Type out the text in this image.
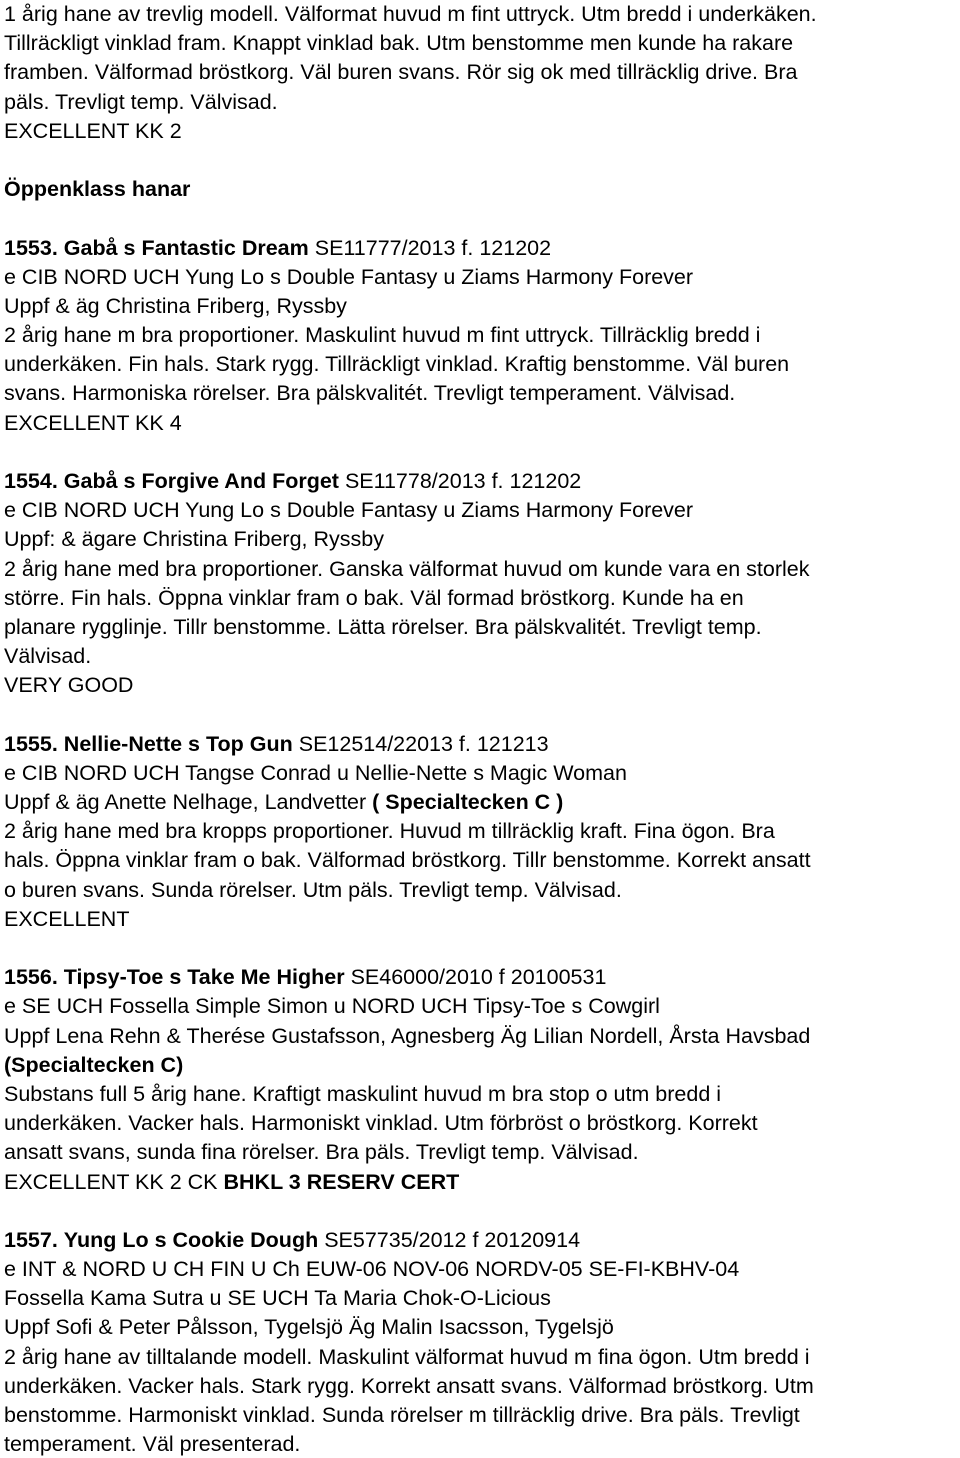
1 årig hane av trevlig modell. Välformat huvud m fint uttryck. Utm bredd i underkäken.
Tillräckligt vinklad fram. Knappt vinklad bak. Utm benstomme men kunde ha rakare
framben. Välformad bröstkorg. Väl buren svans. Rör sig ok med tillräcklig drive. Bra
päls. Trevligt temp. Välvisad.
EXCELLENT KK 2
Öppenklass hanar
1553. Gabå s Fantastic Dream SE11777/2013 f. 121202
e CIB NORD UCH Yung Lo s Double Fantasy u Ziams Harmony Forever
Uppf & äg Christina Friberg, Ryssby
2 årig hane m bra proportioner. Maskulint huvud m fint uttryck. Tillräcklig bredd i
underkäken. Fin hals. Stark rygg. Tillräckligt vinklad. Kraftig benstomme. Väl buren
svans. Harmoniska rörelser. Bra pälskvalitét. Trevligt temperament. Välvisad.
EXCELLENT KK 4
1554. Gabå s Forgive And Forget SE11778/2013 f. 121202
e CIB NORD UCH Yung Lo s Double Fantasy u Ziams Harmony Forever
Uppf: & ägare Christina Friberg, Ryssby
2 årig hane med bra proportioner. Ganska välformat huvud om kunde vara en storlek
större. Fin hals. Öppna vinklar fram o bak. Väl formad bröstkorg. Kunde ha en
planare rygglinje. Tillr benstomme. Lätta rörelser. Bra pälskvalitét. Trevligt temp.
Välvisad.
VERY GOOD
1555. Nellie-Nette s Top Gun SE12514/22013 f. 121213
e CIB NORD UCH Tangse Conrad u Nellie-Nette s Magic Woman
Uppf & äg Anette Nelhage, Landvetter ( Specialtecken C )
2 årig hane med bra kropps proportioner. Huvud m tillräcklig kraft. Fina ögon. Bra
hals. Öppna vinklar fram o bak. Välformad bröstkorg. Tillr benstomme. Korrekt ansatt
o buren svans. Sunda rörelser. Utm päls. Trevligt temp. Välvisad.
EXCELLENT
1556. Tipsy-Toe s Take Me Higher SE46000/2010 f 20100531
e SE UCH Fossella Simple Simon u NORD UCH Tipsy-Toe s Cowgirl
Uppf Lena Rehn & Therése Gustafsson, Agnesberg Äg Lilian Nordell, Årsta Havsbad
(Specialtecken C)
Substans full 5 årig hane. Kraftigt maskulint huvud m bra stop o utm bredd i
underkäken. Vacker hals. Harmoniskt vinklad. Utm förbröst o bröstkorg. Korrekt
ansatt svans, sunda fina rörelser. Bra päls. Trevligt temp. Välvisad.
EXCELLENT KK 2 CK BHKL 3 RESERV CERT
1557. Yung Lo s Cookie Dough SE57735/2012 f 20120914
e INT & NORD U CH FIN U Ch EUW-06 NOV-06 NORDV-05 SE-FI-KBHV-04
Fossella Kama Sutra u SE UCH Ta Maria Chok-O-Licious
Uppf Sofi & Peter Pålsson, Tygelsjö Äg Malin Isacsson, Tygelsjö
2 årig hane av tilltalande modell. Maskulint välformat huvud m fina ögon. Utm bredd i
underkäken. Vacker hals. Stark rygg. Korrekt ansatt svans. Välformad bröstkorg. Utm
benstomme. Harmoniskt vinklad. Sunda rörelser m tillräcklig drive. Bra päls. Trevligt
temperament. Väl presenterad.
